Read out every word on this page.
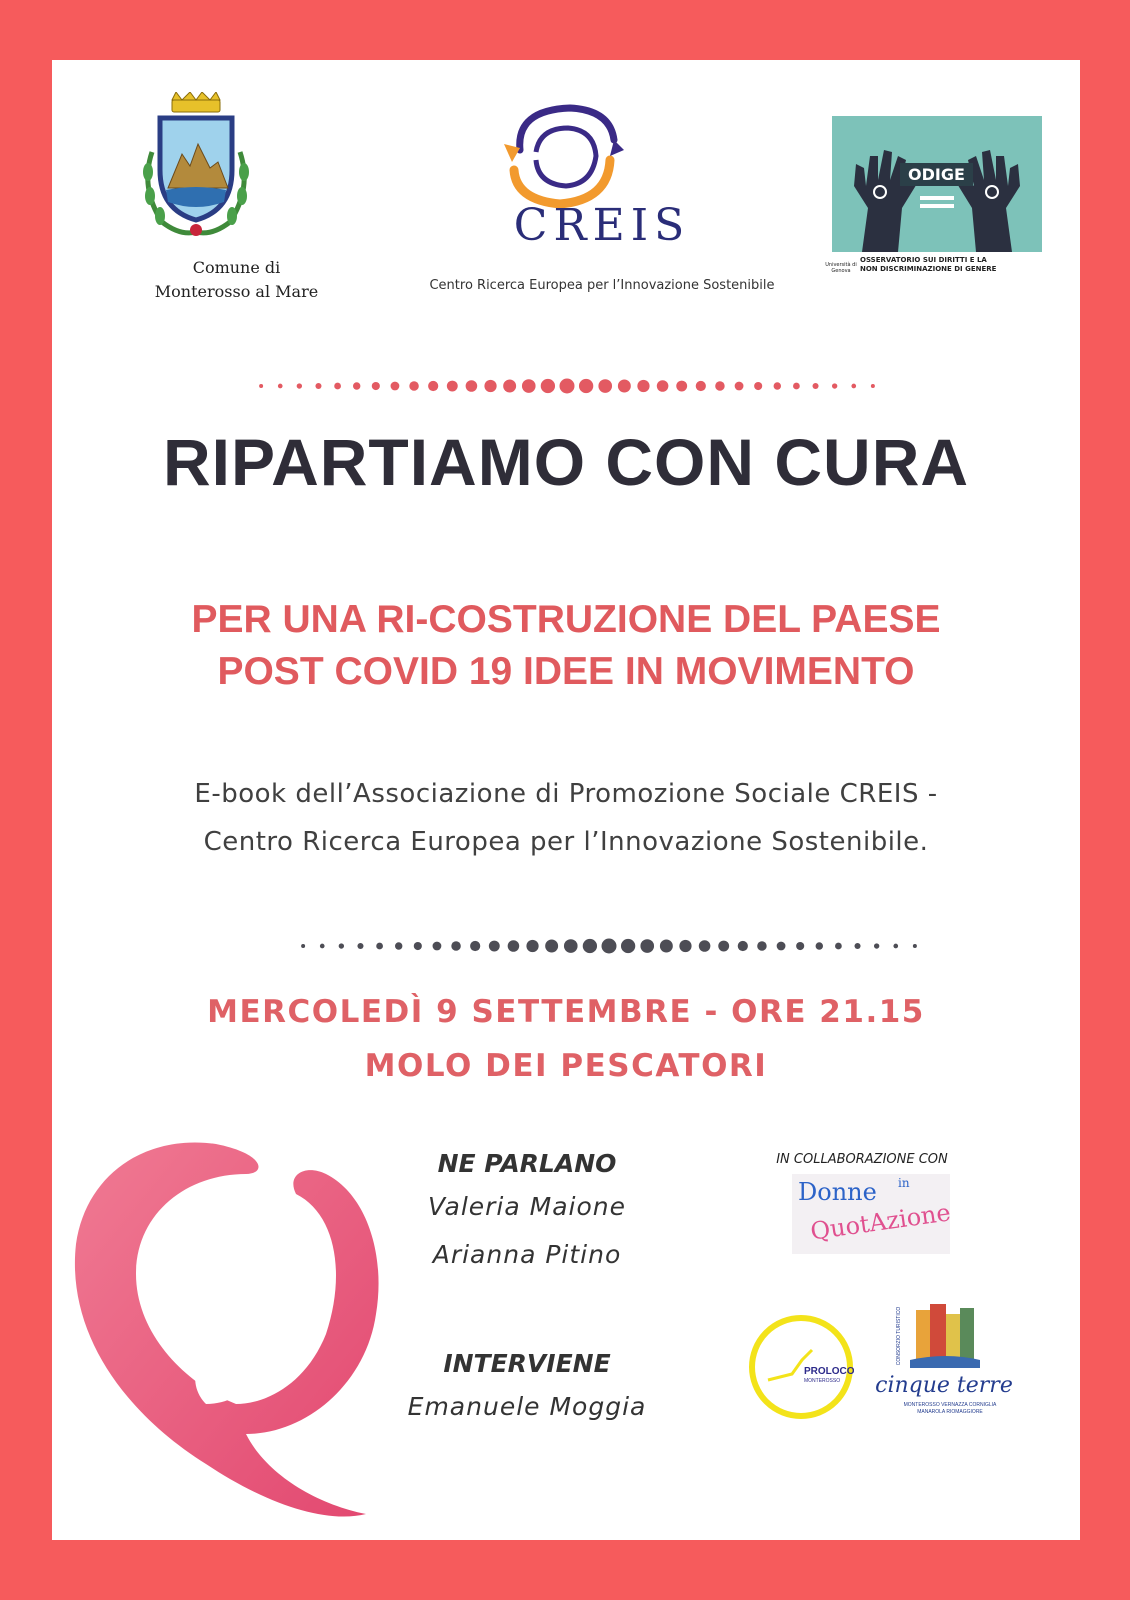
Comune di
Monterosso al Mare
CREIS
Centro Ricerca Europea per l’Innovazione Sostenibile
ODIGE
Università di Genova
OSSERVATORIO SUI DIRITTI E LA
NON DISCRIMINAZIONE DI GENERE
RIPARTIAMO CON CURA
PER UNA RI-COSTRUZIONE DEL PAESE
POST COVID 19 IDEE IN MOVIMENTO
E-book dell’Associazione di Promozione Sociale CREIS -
Centro Ricerca Europea per l’Innovazione Sostenibile.
MERCOLEDÌ 9 SETTEMBRE - ORE 21.15
MOLO DEI PESCATORI
NE PARLANO
Valeria Maione
Arianna Pitino
INTERVIENE
Emanuele Moggia
IN COLLABORAZIONE CON
Donne in
QuotAzione
PROLOCO
MONTEROSSO cinque terre
CONSORZIO TURISTICO
MONTEROSSO VERNAZZA CORNIGLIA
MANAROLA RIOMAGGIORE
